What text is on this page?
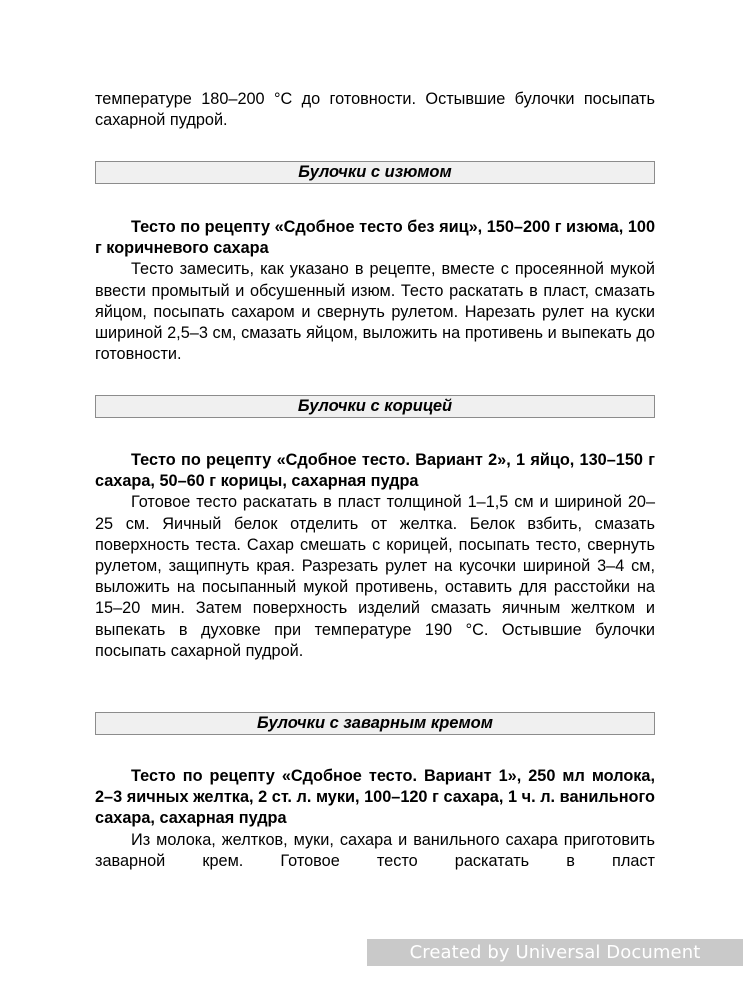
температуре 180–200 °С до готовности. Остывшие булочки посыпать сахарной пудрой.

Булочки с изюмом

Тесто по рецепту «Сдобное тесто без яиц», 150–200 г изюма, 100 г коричневого сахара

Тесто замесить, как указано в рецепте, вместе с просеянной мукой ввести промытый и обсушенный изюм. Тесто раскатать в пласт, смазать яйцом, посыпать сахаром и свернуть рулетом. Нарезать рулет на куски шириной 2,5–3 см, смазать яйцом, выложить на противень и выпекать до готовности.

Булочки с корицей

Тесто по рецепту «Сдобное тесто. Вариант 2», 1 яйцо, 130–150 г сахара, 50–60 г корицы, сахарная пудра

Готовое тесто раскатать в пласт толщиной 1–1,5 см и шириной 20–25 см. Яичный белок отделить от желтка. Белок взбить, смазать поверхность теста. Сахар смешать с корицей, посыпать тесто, свернуть рулетом, защипнуть края. Разрезать рулет на кусочки шириной 3–4 см, выложить на посыпанный мукой противень, оставить для расстойки на 15–20 мин. Затем поверхность изделий смазать яичным желтком и выпекать в духовке при температуре 190 °С. Остывшие булочки посыпать сахарной пудрой.

Булочки с заварным кремом

Тесто по рецепту «Сдобное тесто. Вариант 1», 250 мл молока, 2–3 яичных желтка, 2 ст. л. муки, 100–120 г сахара, 1 ч. л. ванильного сахара, сахарная пудра

Из молока, желтков, муки, сахара и ванильного сахара приготовить заварной крем. Готовое тесто раскатать в пласт

Created by Universal Document Converter
